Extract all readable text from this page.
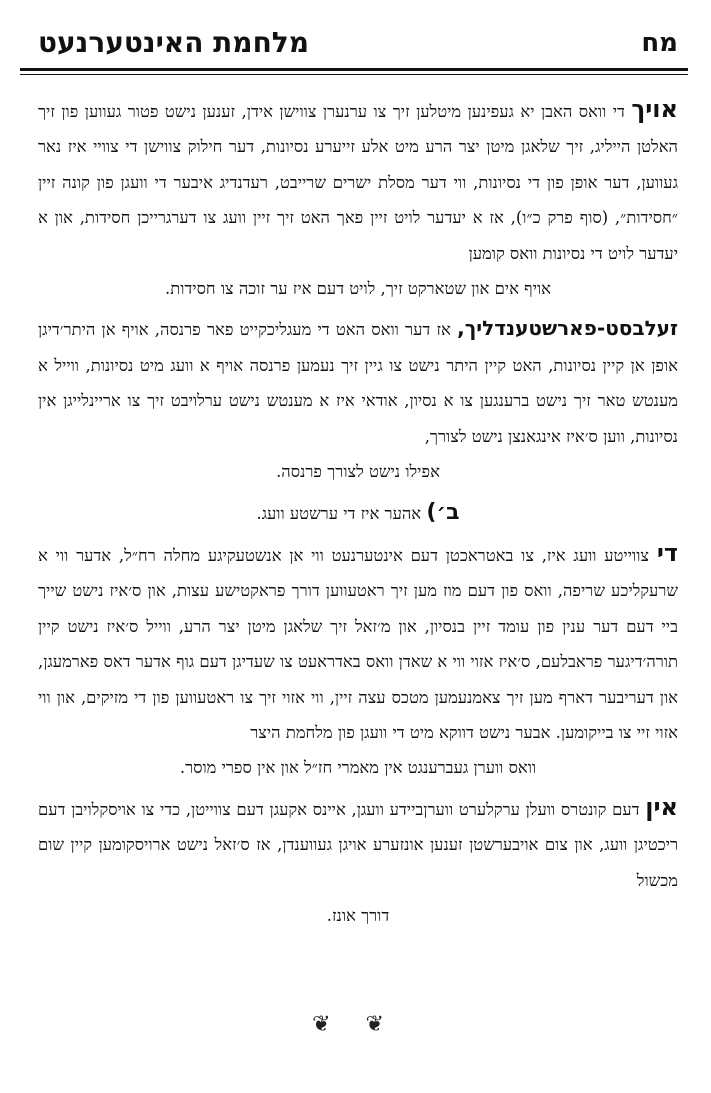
מח
מלחמת האינטערנעט

אויך די וואס האבן יא געפינען מיטלען זיך צו ערנערן צווישן אידן, זענען נישט פטור געווען פון זיך האלטן הייליג, זיך שלאגן מיטן יצר הרע מיט אלע זייערע נסיונות, דער חילוק צווישן די צוויי איז נאר געווען, דער אופן פון די נסיונות, ווי דער מסלת ישרים שרייבט, רעדנדיג איבער די וועגן פון קונה זיין ״חסידות״, (סוף פרק כ״ו), אז א יעדער לויט זיין פאך האט זיך זיין וועג צו דערגרייכן חסידות, און א יעדער לויט די נסיונות וואס קומען

אויף אים און שטארקט זיך, לויט דעם איז ער זוכה צו חסידות.

זעלבסט-פארשטענדליך, אז דער וואס האט די מעגליכקייט פאר פרנסה, אויף אן היתר׳דיגן אופן אן קיין נסיונות, האט קיין היתר נישט צו גיין זיך נעמען פרנסה אויף א וועג מיט נסיונות, ווייל א מענטש טאר זיך נישט ברענגען צו א נסיון, אודאי איז א מענטש נישט ערלויבט זיך צו אריינלייגן אין נסיונות, ווען ס׳איז אינגאנצן נישט לצורך,

אפילו נישט לצורך פרנסה.
ב׳) אהער איז די ערשטע וועג.

די צווייטע וועג איז, צו באטראכטן דעם אינטערנעט ווי אן אנשטעקיגע מחלה רח״ל, אדער ווי א שרעקליכע שריפה, וואס פון דעם מוז מען זיך ראטעווען דורך פראקטישע עצות, און ס׳איז נישט שייך ביי דעם דער ענין פון עומד זיין בנסיון, און מ׳זאל זיך שלאגן מיטן יצר הרע, ווייל ס׳איז נישט קיין תורה׳דיגער פראבלעם, ס׳איז אזוי ווי א שאדן וואס באדראעט צו שעדיגן דעם גוף אדער דאס פארמעגן, און דעריבער דארף מען זיך צאמנעמען מטכס עצה זיין, ווי אזוי זיך צו ראטעווען פון די מזיקים, און ווי אזוי זיי צו בייקומען. אבער נישט דווקא מיט די וועגן פון מלחמת היצר

וואס ווערן געברענגט אין מאמרי חז״ל און אין ספרי מוסר.

אין דעם קונטרס וועלן ערקלערט ווערןביידע וועגן, איינס אקעגן דעם צווייטן, כדי צו אויסקלויבן דעם ריכטיגן וועג, און צום אויבערשטן זענען אונזערע אויגן געווענדן, אז ס׳זאל נישט ארויסקומען קיין שום מכשול

דורך אונז.
❦ ❦
